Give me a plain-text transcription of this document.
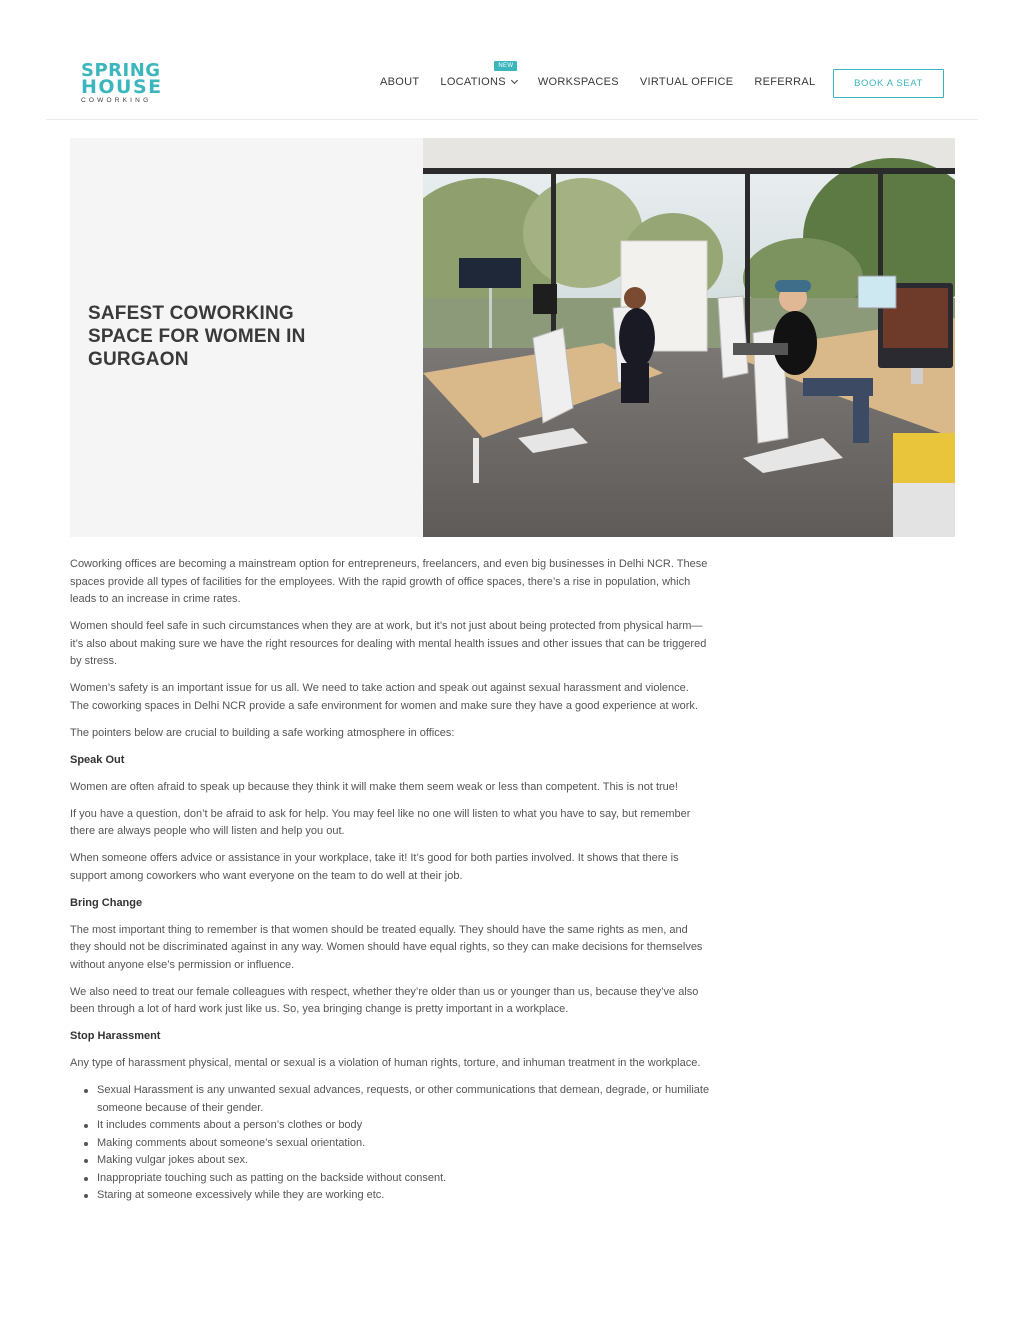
SPRING
HOUSE
COWORKING
ABOUT
NEW
LOCATIONS	WORKSPACES VIRTUAL OFFICE REFERRAL	BOOK A SEAT
SAFEST COWORKING SPACE FOR WOMEN IN GURGAON

Coworking offices are becoming a mainstream option for entrepreneurs, freelancers, and even big businesses in Delhi NCR. These spaces provide all types of facilities for the employees. With the rapid growth of office spaces, there’s a rise in population, which leads to an increase in crime rates.

Women should feel safe in such circumstances when they are at work, but it’s not just about being protected from physical harm—it’s also about making sure we have the right resources for dealing with mental health issues and other issues that can be triggered by stress.

Women’s safety is an important issue for us all. We need to take action and speak out against sexual harassment and violence. The coworking spaces in Delhi NCR provide a safe environment for women and make sure they have a good experience at work.

The pointers below are crucial to building a safe working atmosphere in offices:

Speak Out

Women are often afraid to speak up because they think it will make them seem weak or less than competent. This is not true!

If you have a question, don’t be afraid to ask for help. You may feel like no one will listen to what you have to say, but remember there are always people who will listen and help you out.

When someone offers advice or assistance in your workplace, take it! It’s good for both parties involved. It shows that there is support among coworkers who want everyone on the team to do well at their job.

Bring Change

The most important thing to remember is that women should be treated equally. They should have the same rights as men, and they should not be discriminated against in any way. Women should have equal rights, so they can make decisions for themselves without anyone else’s permission or influence.

We also need to treat our female colleagues with respect, whether they’re older than us or younger than us, because they’ve also been through a lot of hard work just like us. So, yea bringing change is pretty important in a workplace.

Stop Harassment

Any type of harassment physical, mental or sexual is a violation of human rights, torture, and inhuman treatment in the workplace.

Sexual Harassment is any unwanted sexual advances, requests, or other communications that demean, degrade, or humiliate someone because of their gender.
It includes comments about a person’s clothes or body
Making comments about someone’s sexual orientation.
Making vulgar jokes about sex.
Inappropriate touching such as patting on the backside without consent.
Staring at someone excessively while they are working etc.
